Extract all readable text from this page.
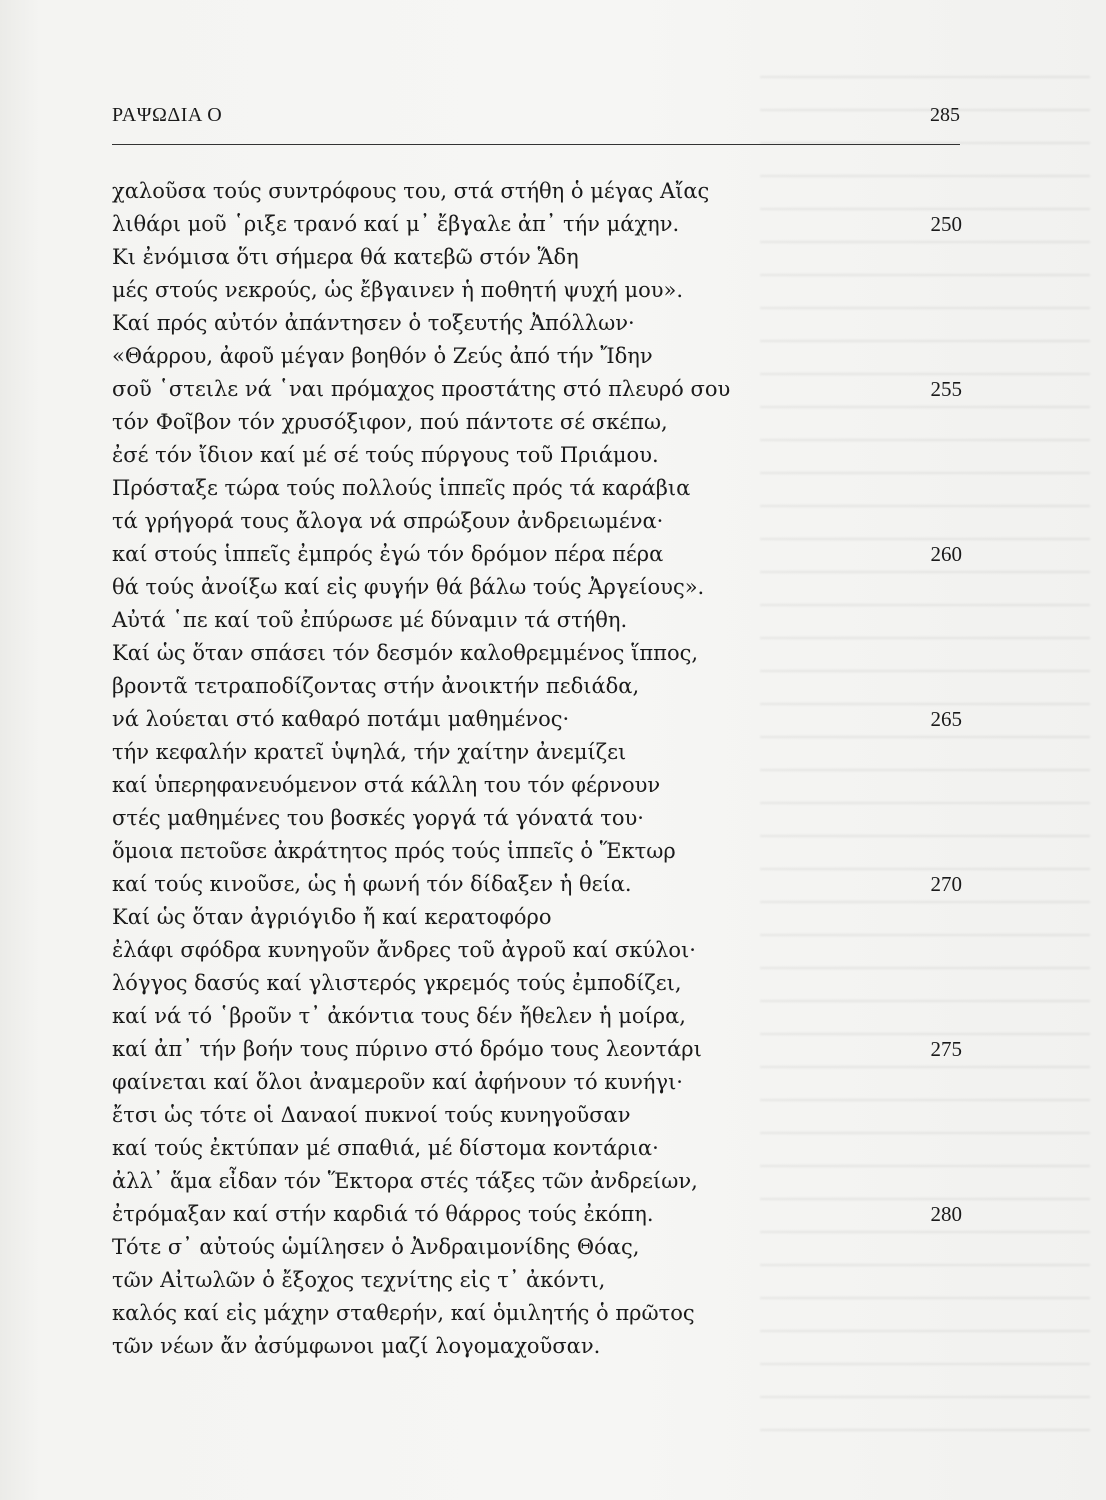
ΡΑΨΩΔΙΑ Ο	285
χαλοῦσα τούς συντρόφους του, στά στήθη ὁ μέγας Αἴας
λιθάρι μοῦ ῾ριξε τρανό καί μ᾿ ἔβγαλε ἀπ᾿ τήν μάχην.	250
Κι ἐνόμισα ὅτι σήμερα θά κατεβῶ στόν Ἅδη
μές στούς νεκρούς, ὡς ἔβγαινεν ἡ ποθητή ψυχή μου».
Καί πρός αὐτόν ἀπάντησεν ὁ τοξευτής Ἀπόλλων·
«Θάρρου, ἀφοῦ μέγαν βοηθόν ὁ Ζεύς ἀπό τήν Ἴδην
σοῦ ῾στειλε νά ῾ναι πρόμαχος προστάτης στό πλευρό σου	255
τόν Φοῖβον τόν χρυσόξιφον, πού πάντοτε σέ σκέπω,
ἐσέ τόν ἴδιον καί μέ σέ τούς πύργους τοῦ Πριάμου.
Πρόσταξε τώρα τούς πολλούς ἱππεῖς πρός τά καράβια
τά γρήγορά τους ἄλογα νά σπρώξουν ἀνδρειωμένα·
καί στούς ἱππεῖς ἐμπρός ἐγώ τόν δρόμον πέρα πέρα	260
θά τούς ἀνοίξω καί εἰς φυγήν θά βάλω τούς Ἀργείους».
Αὐτά ῾πε καί τοῦ ἐπύρωσε μέ δύναμιν τά στήθη.
Καί ὡς ὅταν σπάσει τόν δεσμόν καλοθρεμμένος ἵππος,
βροντᾶ τετραποδίζοντας στήν ἀνοικτήν πεδιάδα,
νά λούεται στό καθαρό ποτάμι μαθημένος·	265
τήν κεφαλήν κρατεῖ ὑψηλά, τήν χαίτην ἀνεμίζει
καί ὑπερηφανευόμενον στά κάλλη του τόν φέρνουν
στές μαθημένες του βοσκές γοργά τά γόνατά του·
ὅμοια πετοῦσε ἀκράτητος πρός τούς ἱππεῖς ὁ Ἕκτωρ
καί τούς κινοῦσε, ὡς ἡ φωνή τόν δίδαξεν ἡ θεία.	270
Καί ὡς ὅταν ἀγριόγιδο ἤ καί κερατοφόρο
ἐλάφι σφόδρα κυνηγοῦν ἄνδρες τοῦ ἀγροῦ καί σκύλοι·
λόγγος δασύς καί γλιστερός γκρεμός τούς ἐμποδίζει,
καί νά τό ῾βροῦν τ᾿ ἀκόντια τους δέν ἤθελεν ἡ μοίρα,
καί ἀπ᾿ τήν βοήν τους πύρινο στό δρόμο τους λεοντάρι	275
φαίνεται καί ὅλοι ἀναμεροῦν καί ἀφήνουν τό κυνήγι·
ἔτσι ὡς τότε οἱ Δαναοί πυκνοί τούς κυνηγοῦσαν
καί τούς ἐκτύπαν μέ σπαθιά, μέ δίστομα κοντάρια·
ἀλλ᾿ ἅμα εἶδαν τόν Ἕκτορα στές τάξες τῶν ἀνδρείων,
ἐτρόμαξαν καί στήν καρδιά τό θάρρος τούς ἐκόπη.	280
Τότε σ᾿ αὐτούς ὡμίλησεν ὁ Ἀνδραιμονίδης Θόας,
τῶν Αἰτωλῶν ὁ ἔξοχος τεχνίτης εἰς τ᾿ ἀκόντι,
καλός καί εἰς μάχην σταθερήν, καί ὁμιλητής ὁ πρῶτος
τῶν νέων ἄν ἀσύμφωνοι μαζί λογομαχοῦσαν.
